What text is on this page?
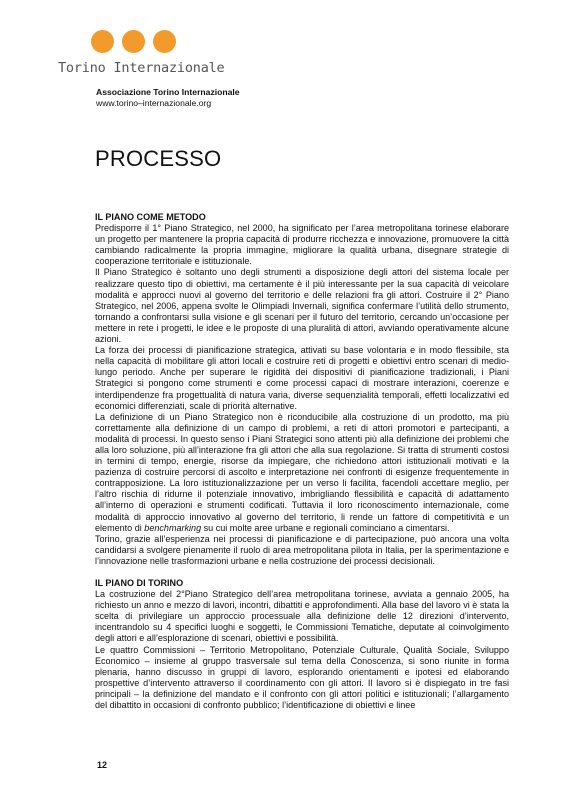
Torino Internazionale
Associazione Torino Internazionale
www.torino–internazionale.org
PROCESSO

IL PIANO COME METODO

Predisporre il 1° Piano Strategico, nel 2000, ha significato per l’area metropolitana torinese elaborare un progetto per mantenere la propria capacità di produrre ricchezza e innovazione, promuovere la città cambiando radicalmente la propria immagine, migliorare la qualità urbana, disegnare strategie di cooperazione territoriale e istituzionale.

Il Piano Strategico è soltanto uno degli strumenti a disposizione degli attori del sistema locale per realizzare questo tipo di obiettivi, ma certamente è il più interessante per la sua capacità di veicolare modalità e approcci nuovi al governo del territorio e delle relazioni fra gli attori. Costruire il 2° Piano Strategico, nel 2006, appena svolte le Olimpiadi Invernali, significa confermare l’utilità dello strumento, tornando a confrontarsi sulla visione e gli scenari per il futuro del territorio, cercando un’occasione per mettere in rete i progetti, le idee e le proposte di una pluralità di attori, avviando operativamente alcune azioni.

La forza dei processi di pianificazione strategica, attivati su base volontaria e in modo flessibile, sta nella capacità di mobilitare gli attori locali e costruire reti di progetti e obiettivi entro scenari di medio-lungo periodo. Anche per superare le rigidità dei dispositivi di pianificazione tradizionali, i Piani Strategici si pongono come strumenti e come processi capaci di mostrare interazioni, coerenze e interdipendenze fra progettualità di natura varia, diverse sequenzialità temporali, effetti localizzativi ed economici differenziati, scale di priorità alternative.

La definizione di un Piano Strategico non è riconducibile alla costruzione di un prodotto, ma più correttamente alla definizione di un campo di problemi, a reti di attori promotori e partecipanti, a modalità di processi. In questo senso i Piani Strategici sono attenti più alla definizione dei problemi che alla loro soluzione, più all’interazione fra gli attori che alla sua regolazione. Si tratta di strumenti costosi in termini di tempo, energie, risorse da impiegare, che richiedono attori istituzionali motivati e la pazienza di costruire percorsi di ascolto e interpretazione nei confronti di esigenze frequentemente in contrapposizione. La loro istituzionalizzazione per un verso li facilita, facendoli accettare meglio, per l’altro rischia di ridurne il potenziale innovativo, imbrigliando flessibilità e capacità di adattamento all’interno di operazioni e strumenti codificati. Tuttavia il loro riconoscimento internazionale, come modalità di approccio innovativo al governo del territorio, li rende un fattore di competitività e un elemento di benchmarking su cui molte aree urbane e regionali cominciano a cimentarsi.

Torino, grazie all’esperienza nei processi di pianificazione e di partecipazione, può ancora una volta candidarsi a svolgere pienamente il ruolo di area metropolitana pilota in Italia, per la sperimentazione e l’innovazione nelle trasformazioni urbane e nella costruzione dei processi decisionali.

IL PIANO DI TORINO

La costruzione del 2°Piano Strategico dell’area metropolitana torinese, avviata a gennaio 2005, ha richiesto un anno e mezzo di lavori, incontri, dibattiti e approfondimenti. Alla base del lavoro vi è stata la scelta di privilegiare un approccio processuale alla definizione delle 12 direzioni d’intervento, incentrandolo su 4 specifici luoghi e soggetti, le Commissioni Tematiche, deputate al coinvolgimento degli attori e all’esplorazione di scenari, obiettivi e possibilità.

Le quattro Commissioni – Territorio Metropolitano, Potenziale Culturale, Qualità Sociale, Sviluppo Economico – insieme al gruppo trasversale sul tema della Conoscenza, si sono riunite in forma plenaria, hanno discusso in gruppi di lavoro, esplorando orientamenti e ipotesi ed elaborando prospettive d’intervento attraverso il coordinamento con gli attori. Il lavoro si è dispiegato in tre fasi principali – la definizione del mandato e il confronto con gli attori politici e istituzionali; l’allargamento del dibattito in occasioni di confronto pubblico; l’identificazione di obiettivi e linee

12
